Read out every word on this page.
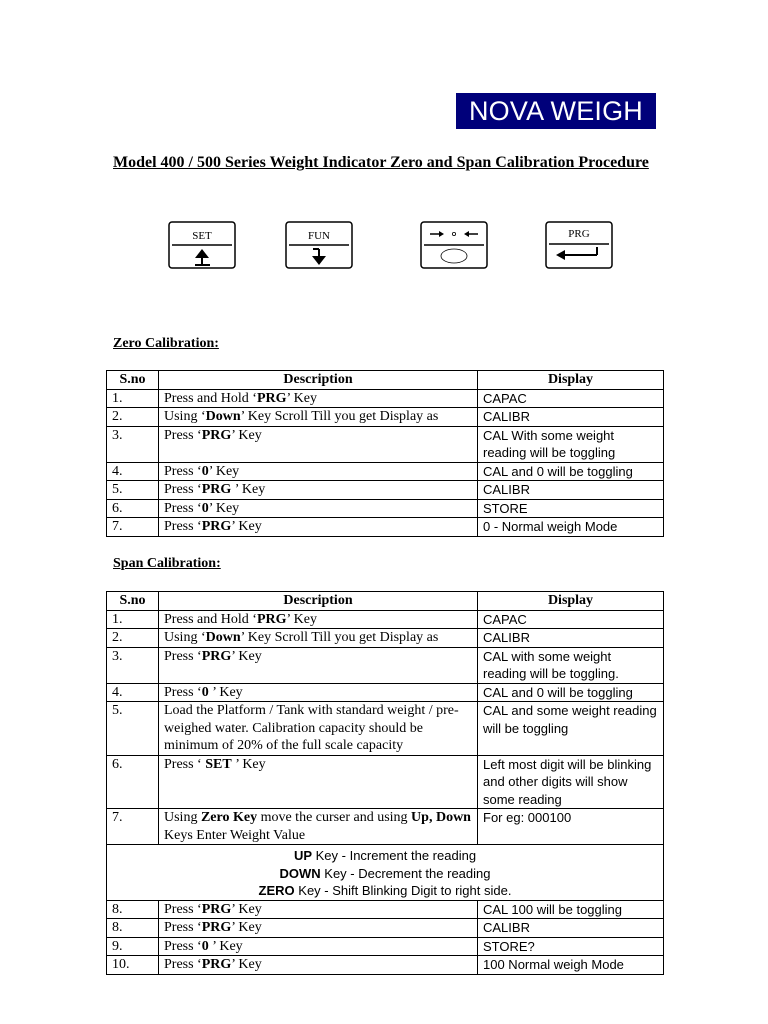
NOVA WEIGH
Model 400 / 500 Series Weight Indicator Zero and Span Calibration Procedure
SET	FUN	PRG
Zero Calibration:
S.no	Description	Display
1.	Press and Hold ‘PRG’ Key	CAPAC
2.	Using ‘Down’ Key Scroll Till you get Display as	CALIBR
3.	Press ‘PRG’ Key	CAL With some weight reading will be toggling
4.	Press ‘0’ Key	CAL and 0 will be toggling
5.	Press ‘PRG ’ Key	CALIBR
6.	Press ‘0’ Key	STORE
7.	Press ‘PRG’ Key	0 - Normal weigh Mode
Span Calibration:
S.no	Description	Display
1.	Press and Hold ‘PRG’ Key	CAPAC
2.	Using ‘Down’ Key Scroll Till you get Display as	CALIBR
3.	Press ‘PRG’ Key	CAL with some weight reading will be toggling.
4.	Press ‘0 ’ Key	CAL and 0 will be toggling
5.	Load the Platform / Tank with standard weight / pre-weighed water. Calibration capacity should be minimum of 20% of the full scale capacity	CAL and some weight reading will be toggling
6.	Press ‘ SET ’ Key	Left most digit will be blinking and other digits will show some reading
7.	Using Zero Key move the curser and using Up, Down Keys Enter Weight Value	For eg: 000100

UP Key - Increment the reading
DOWN Key - Decrement the reading
ZERO Key - Shift Blinking Digit to right side.		

8.	Press ‘PRG’ Key	CAL 100 will be toggling
8.	Press ‘PRG’ Key	CALIBR
9.	Press ‘0 ’ Key	STORE?
10.	Press ‘PRG’ Key	100 Normal weigh Mode
